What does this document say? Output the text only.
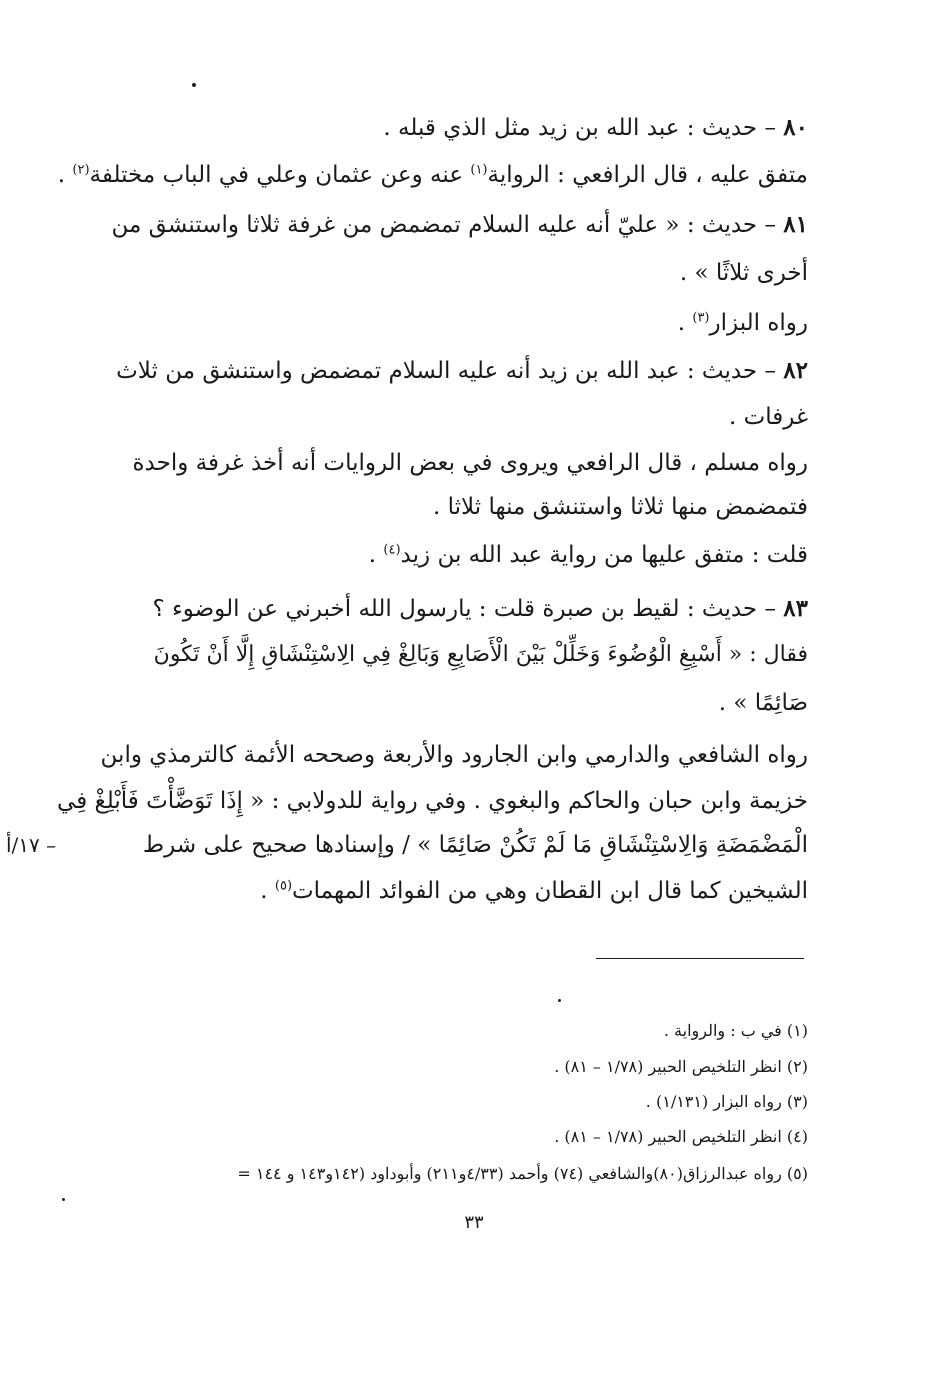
٨٠ – حديث : عبد الله بن زيد مثل الذي قبله .

متفق عليه ، قال الرافعي : الرواية$^{(١)}$ عنه وعن عثمان وعلي في الباب مختلفة$^{(٢)}$ .

٨١ – حديث : « عليّ أنه عليه السلام تمضمض من غرفة ثلاثا واستنشق من

أخرى ثلاثًا » .

رواه البزار$^{(٣)}$ .

٨٢ – حديث : عبد الله بن زيد أنه عليه السلام تمضمض واستنشق من ثلاث

غرفات .

رواه مسلم ، قال الرافعي ويروى في بعض الروايات أنه أخذ غرفة واحدة

فتمضمض منها ثلاثا واستنشق منها ثلاثا .

قلت : متفق عليها من رواية عبد الله بن زيد$^{(٤)}$ .

٨٣ – حديث : لقيط بن صبرة قلت : يارسول الله أخبرني عن الوضوء ؟

فقال : « أَسْبِغِ الْوُضُوءَ وَخَلِّلْ بَيْنَ الْأَصَابِعِ وَبَالِغْ فِي الِاسْتِنْشَاقِ إِلَّا أَنْ تَكُونَ

صَائِمًا » .

رواه الشافعي والدارمي وابن الجارود والأربعة وصححه الأئمة كالترمذي وابن

خزيمة وابن حبان والحاكم والبغوي . وفي رواية للدولابي : « إِذَا تَوَضَّأْتَ فَأَبْلِغْ فِي

الْمَضْمَضَةِ وَالِاسْتِنْشَاقِ مَا لَمْ تَكُنْ صَائِمًا » / وإسنادها صحيح على شرط

الشيخين كما قال ابن القطان وهي من الفوائد المهمات$^{(٥)}$ .

١٧/أ –

(١) في ب : والرواية .

(٢) انظر التلخيص الحبير (١/٧٨ – ٨١) .

(٣) رواه البزار (١/١٣١) .

(٤) انظر التلخيص الحبير (١/٧٨ – ٨١) .

(٥) رواه عبدالرزاق(٨٠)والشافعي (٧٤) وأحمد (٤/٣٣و٢١١) وأبوداود (١٤٢و١٤٣ و ١٤٤ =

٣٣
